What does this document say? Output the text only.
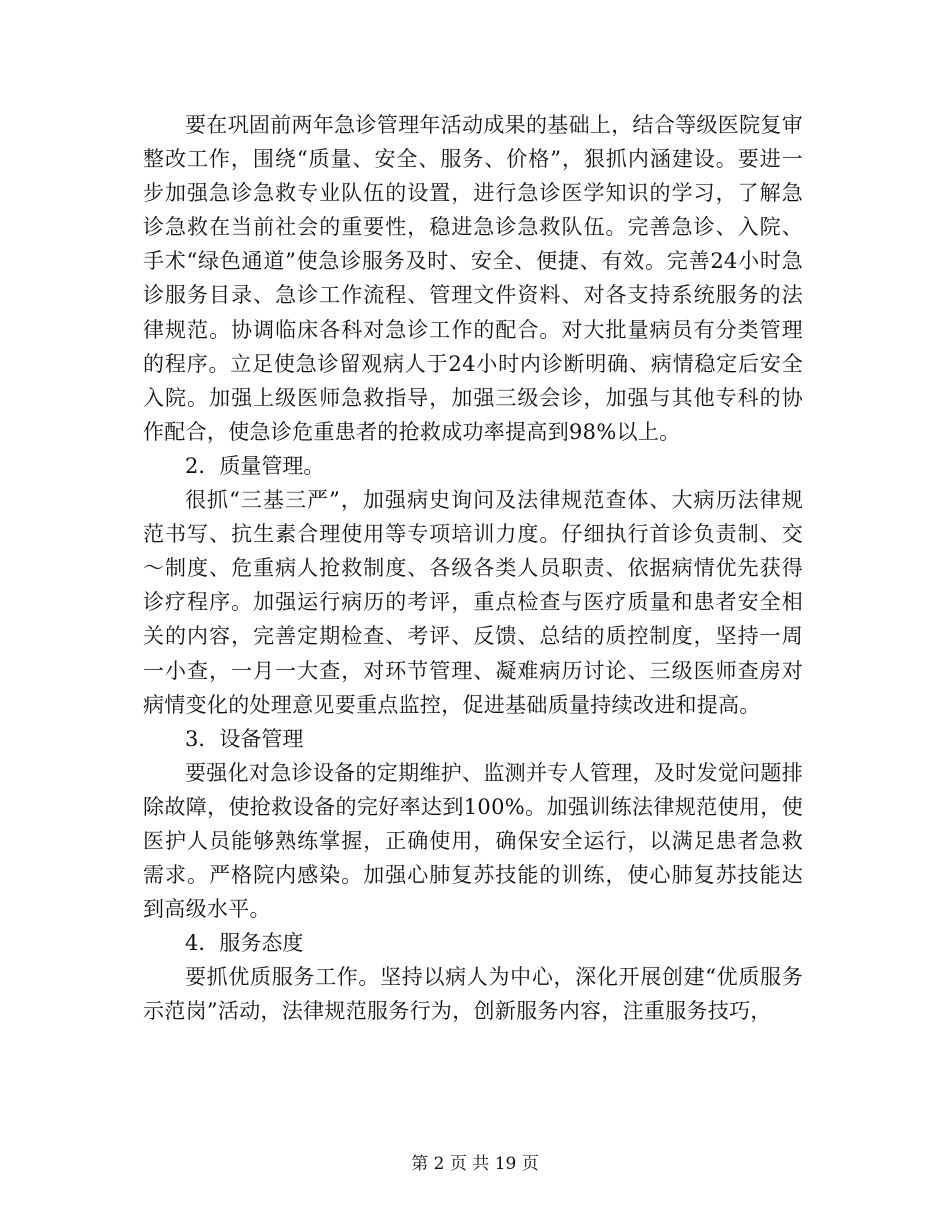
要在巩固前两年急诊管理年活动成果的基础上，结合等级医院复审整改工作，围绕“质量、安全、服务、价格”，狠抓内涵建设。要进一步加强急诊急救专业队伍的设置，进行急诊医学知识的学习，了解急诊急救在当前社会的重要性，稳进急诊急救队伍。完善急诊、入院、手术“绿色通道”使急诊服务及时、安全、便捷、有效。完善24小时急诊服务目录、急诊工作流程、管理文件资料、对各支持系统服务的法律规范。协调临床各科对急诊工作的配合。对大批量病员有分类管理的程序。立足使急诊留观病人于24小时内诊断明确、病情稳定后安全入院。加强上级医师急救指导，加强三级会诊，加强与其他专科的协作配合，使急诊危重患者的抢救成功率提高到98%以上。

2．质量管理。

很抓“三基三严”，加强病史询问及法律规范查体、大病历法律规范书写、抗生素合理使用等专项培训力度。仔细执行首诊负责制、交～制度、危重病人抢救制度、各级各类人员职责、依据病情优先获得诊疗程序。加强运行病历的考评，重点检查与医疗质量和患者安全相关的内容，完善定期检查、考评、反馈、总结的质控制度，坚持一周一小查，一月一大查，对环节管理、凝难病历讨论、三级医师查房对病情变化的处理意见要重点监控，促进基础质量持续改进和提高。

3．设备管理

要强化对急诊设备的定期维护、监测并专人管理，及时发觉问题排除故障，使抢救设备的完好率达到100%。加强训练法律规范使用，使医护人员能够熟练掌握，正确使用，确保安全运行，以满足患者急救需求。严格院内感染。加强心肺复苏技能的训练，使心肺复苏技能达到高级水平。

4．服务态度

要抓优质服务工作。坚持以病人为中心，深化开展创建“优质服务示范岗”活动，法律规范服务行为，创新服务内容，注重服务技巧，

第 2 页 共 19 页
